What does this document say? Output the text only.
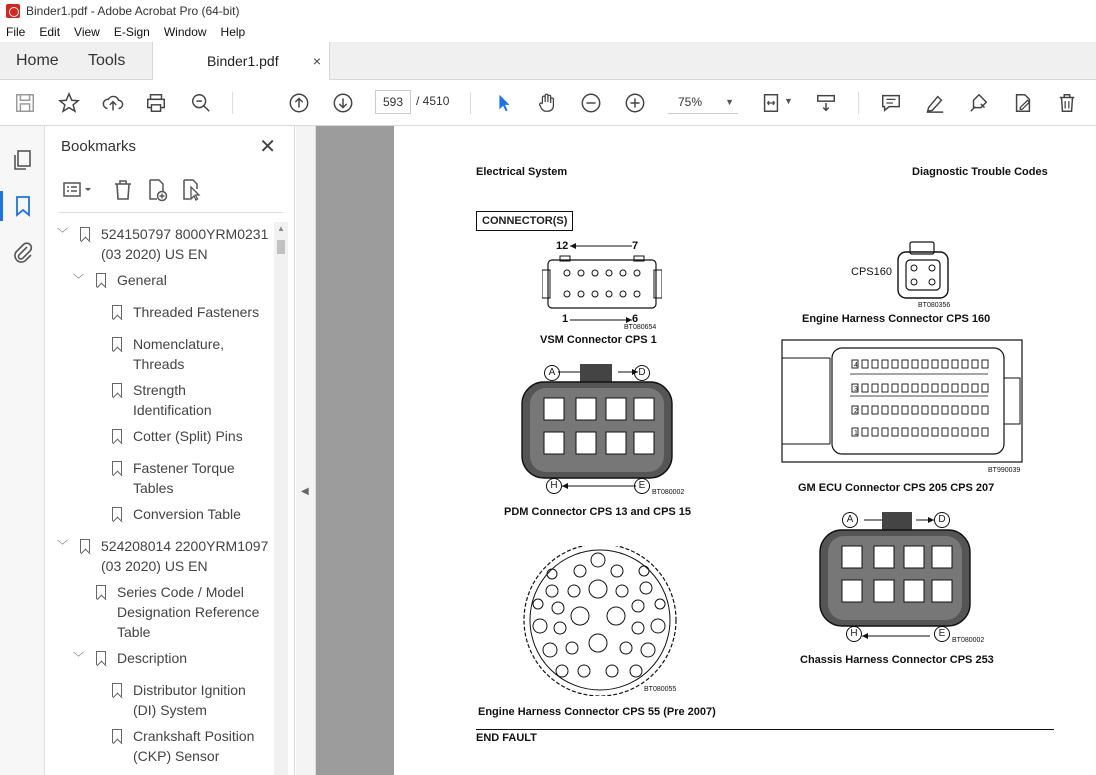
Binder1.pdf - Adobe Acrobat Pro (64-bit)
File Edit View E-Sign Window Help
Home Tools	Binder1.pdf ×
593	/ 4510	75%	▼	▼
Bookmarks	✕
﹀ 524150797 8000YRM0231
(03 2020) US EN
﹀ General
Threaded Fasteners
Nomenclature,
Threads
Strength
Identification
Cotter (Split) Pins
Fastener Torque
Tables
Conversion Table
﹀ 524208014 2200YRM1097
(03 2020) US EN
Series Code / Model
Designation Reference
Table
﹀ Description
Distributor Ignition
(DI) System
Crankshaft Position
(CKP) Sensor
▲
◀
Electrical System	Diagnostic Trouble Codes
CONNECTOR(S)
12	7
1	6
BT080654
VSM Connector CPS 1
CPS160
BT080356
Engine Harness Connector CPS 160
A	D
H	E
BT080002
PDM Connector CPS 13 and CPS 15
4
3
2
1
BT990039
GM ECU Connector CPS 205 CPS 207
BT080055
Engine Harness Connector CPS 55 (Pre 2007)
A	D
H	E
BT080002
Chassis Harness Connector CPS 253
END FAULT
